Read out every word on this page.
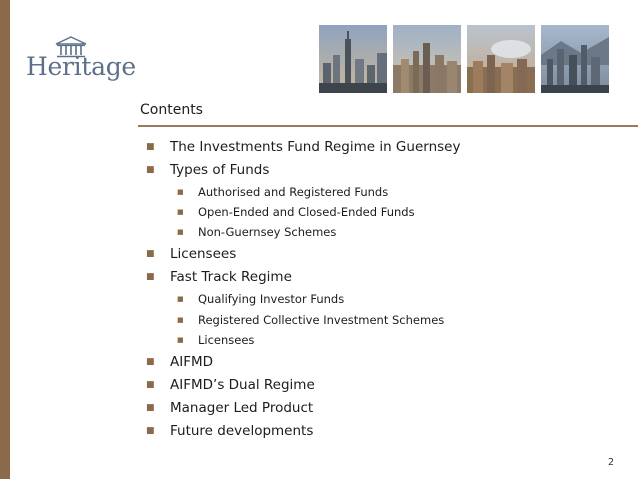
Heritage
Contents
■ The Investments Fund Regime in Guernsey
■ Types of Funds
■ Authorised and Registered Funds
■ Open-Ended and Closed-Ended Funds
■ Non-Guernsey Schemes
■ Licensees
■ Fast Track Regime
■ Qualifying Investor Funds
■ Registered Collective Investment Schemes
■ Licensees
■ AIFMD
■ AIFMD’s Dual Regime
■ Manager Led Product
■ Future developments
2
